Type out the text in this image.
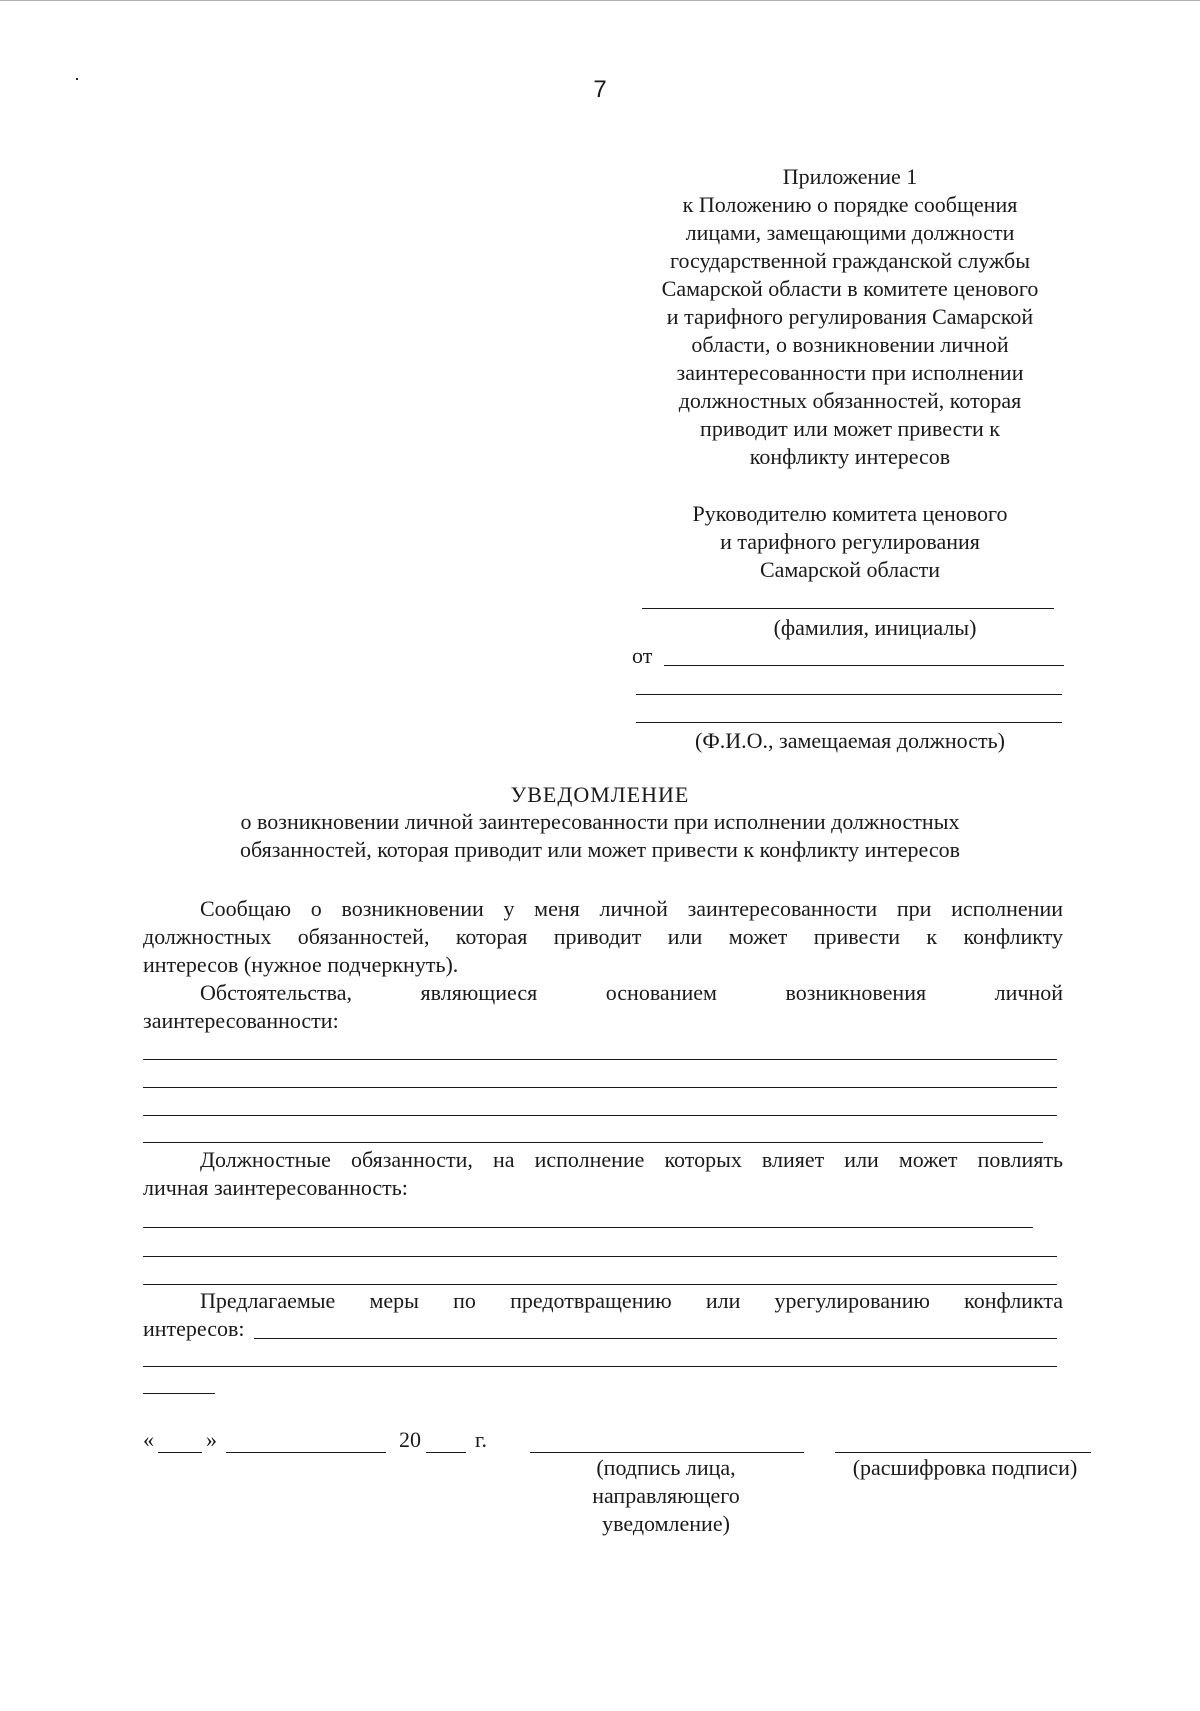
7
Приложение 1
к Положению о порядке сообщения
лицами, замещающими должности
государственной гражданской службы
Самарской области в комитете ценового
и тарифного регулирования Самарской
области, о возникновении личной
заинтересованности при исполнении
должностных обязанностей, которая
приводит или может привести к
конфликту интересов
Руководителю комитета ценового
и тарифного регулирования
Самарской области
(фамилия, инициалы)
от
(Ф.И.О., замещаемая должность)
УВЕДОМЛЕНИЕ
о возникновении личной заинтересованности при исполнении должностных
обязанностей, которая приводит или может привести к конфликту интересов
Сообщаю о возникновении у меня личной заинтересованности при исполнении
должностных обязанностей, которая приводит или может привести к конфликту
интересов (нужное подчеркнуть).
Обстоятельства, являющиеся основанием возникновения личной
заинтересованности:
Должностные обязанности, на исполнение которых влияет или может повлиять
личная заинтересованность:
Предлагаемые меры по предотвращению или урегулированию конфликта
интересов:
« »	20 г.
(подпись лица,
направляющего
уведомление)
(расшифровка подписи)
